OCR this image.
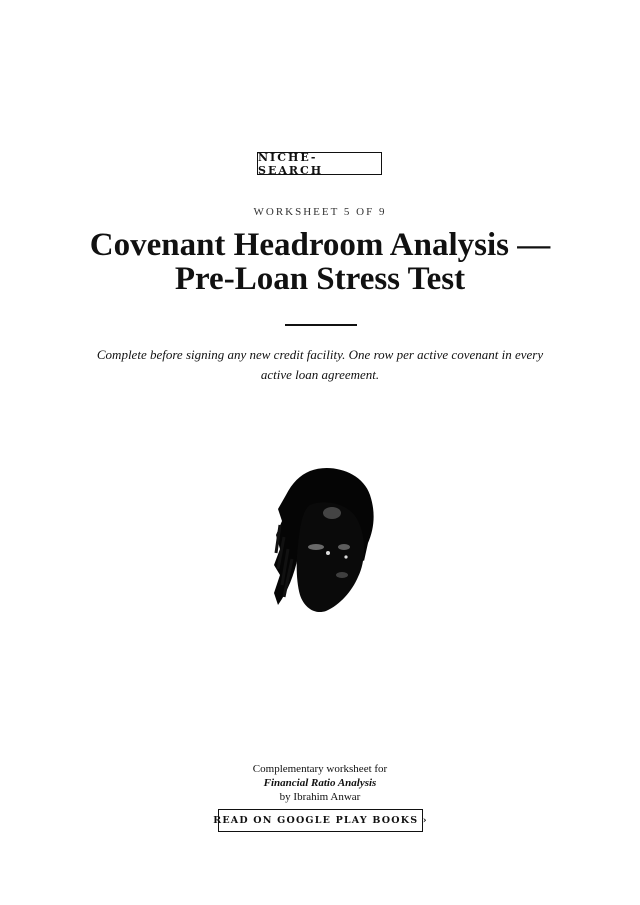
NICHE-SEARCH
WORKSHEET 5 OF 9
Covenant Headroom Analysis —
Pre-Loan Stress Test

Complete before signing any new credit facility. One row per active covenant in every active loan agreement.

Complementary worksheet for
Financial Ratio Analysis
by Ibrahim Anwar
READ ON GOOGLE PLAY BOOKS ›
